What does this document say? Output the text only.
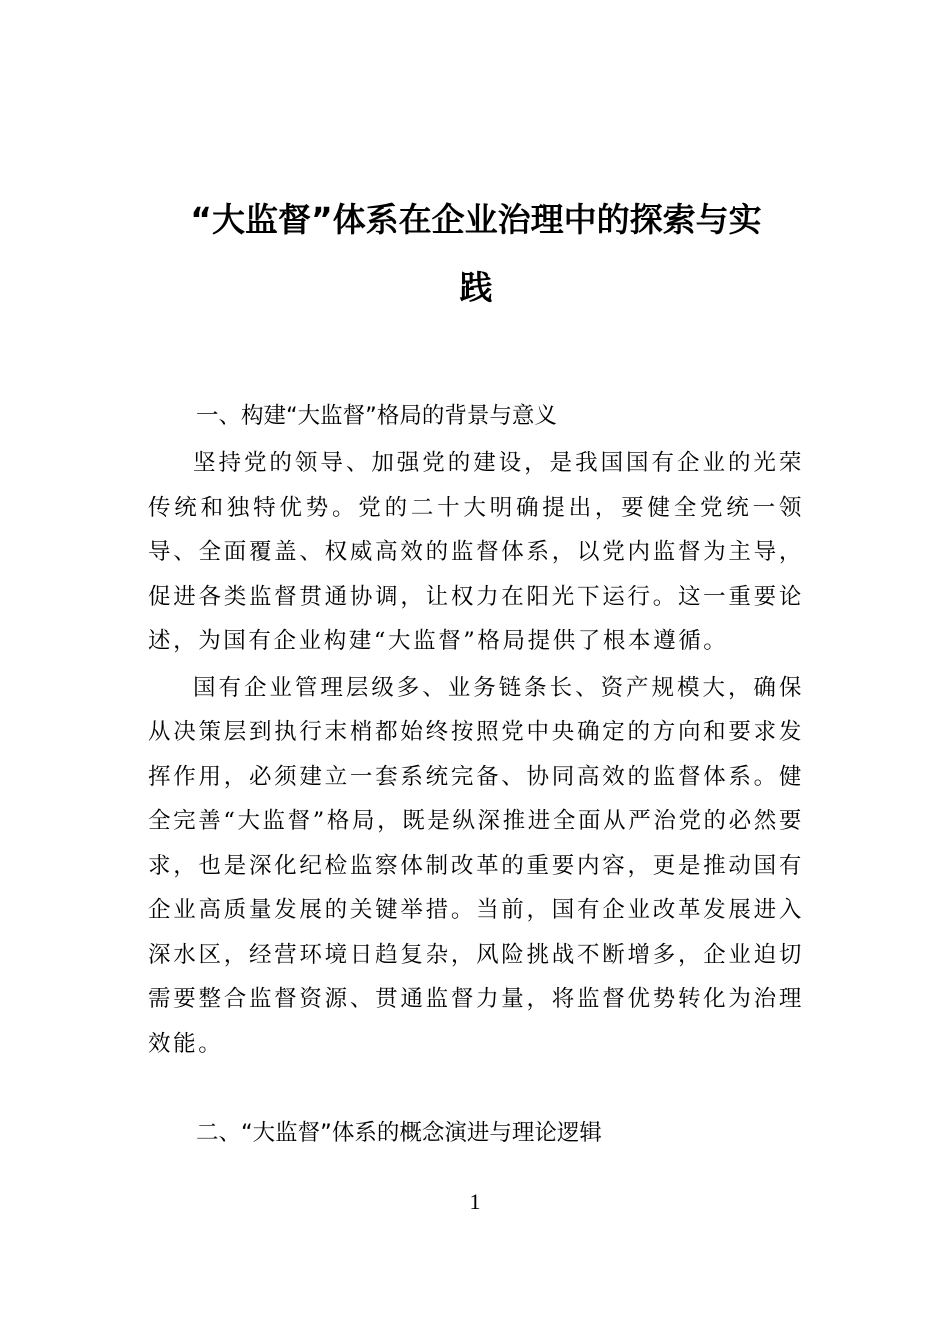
“大监督”体系在企业治理中的探索与实
践
一、构建“大监督”格局的背景与意义

坚持党的领导、加强党的建设，是我国国有企业的光荣传统和独特优势。党的二十大明确提出，要健全党统一领导、全面覆盖、权威高效的监督体系，以党内监督为主导，促进各类监督贯通协调，让权力在阳光下运行。这一重要论述，为国有企业构建“大监督”格局提供了根本遵循。

国有企业管理层级多、业务链条长、资产规模大，确保从决策层到执行末梢都始终按照党中央确定的方向和要求发挥作用，必须建立一套系统完备、协同高效的监督体系。健全完善“大监督”格局，既是纵深推进全面从严治党的必然要求，也是深化纪检监察体制改革的重要内容，更是推动国有企业高质量发展的关键举措。当前，国有企业改革发展进入深水区，经营环境日趋复杂，风险挑战不断增多，企业迫切需要整合监督资源、贯通监督力量，将监督优势转化为治理效能。

二、“大监督”体系的概念演进与理论逻辑
1
